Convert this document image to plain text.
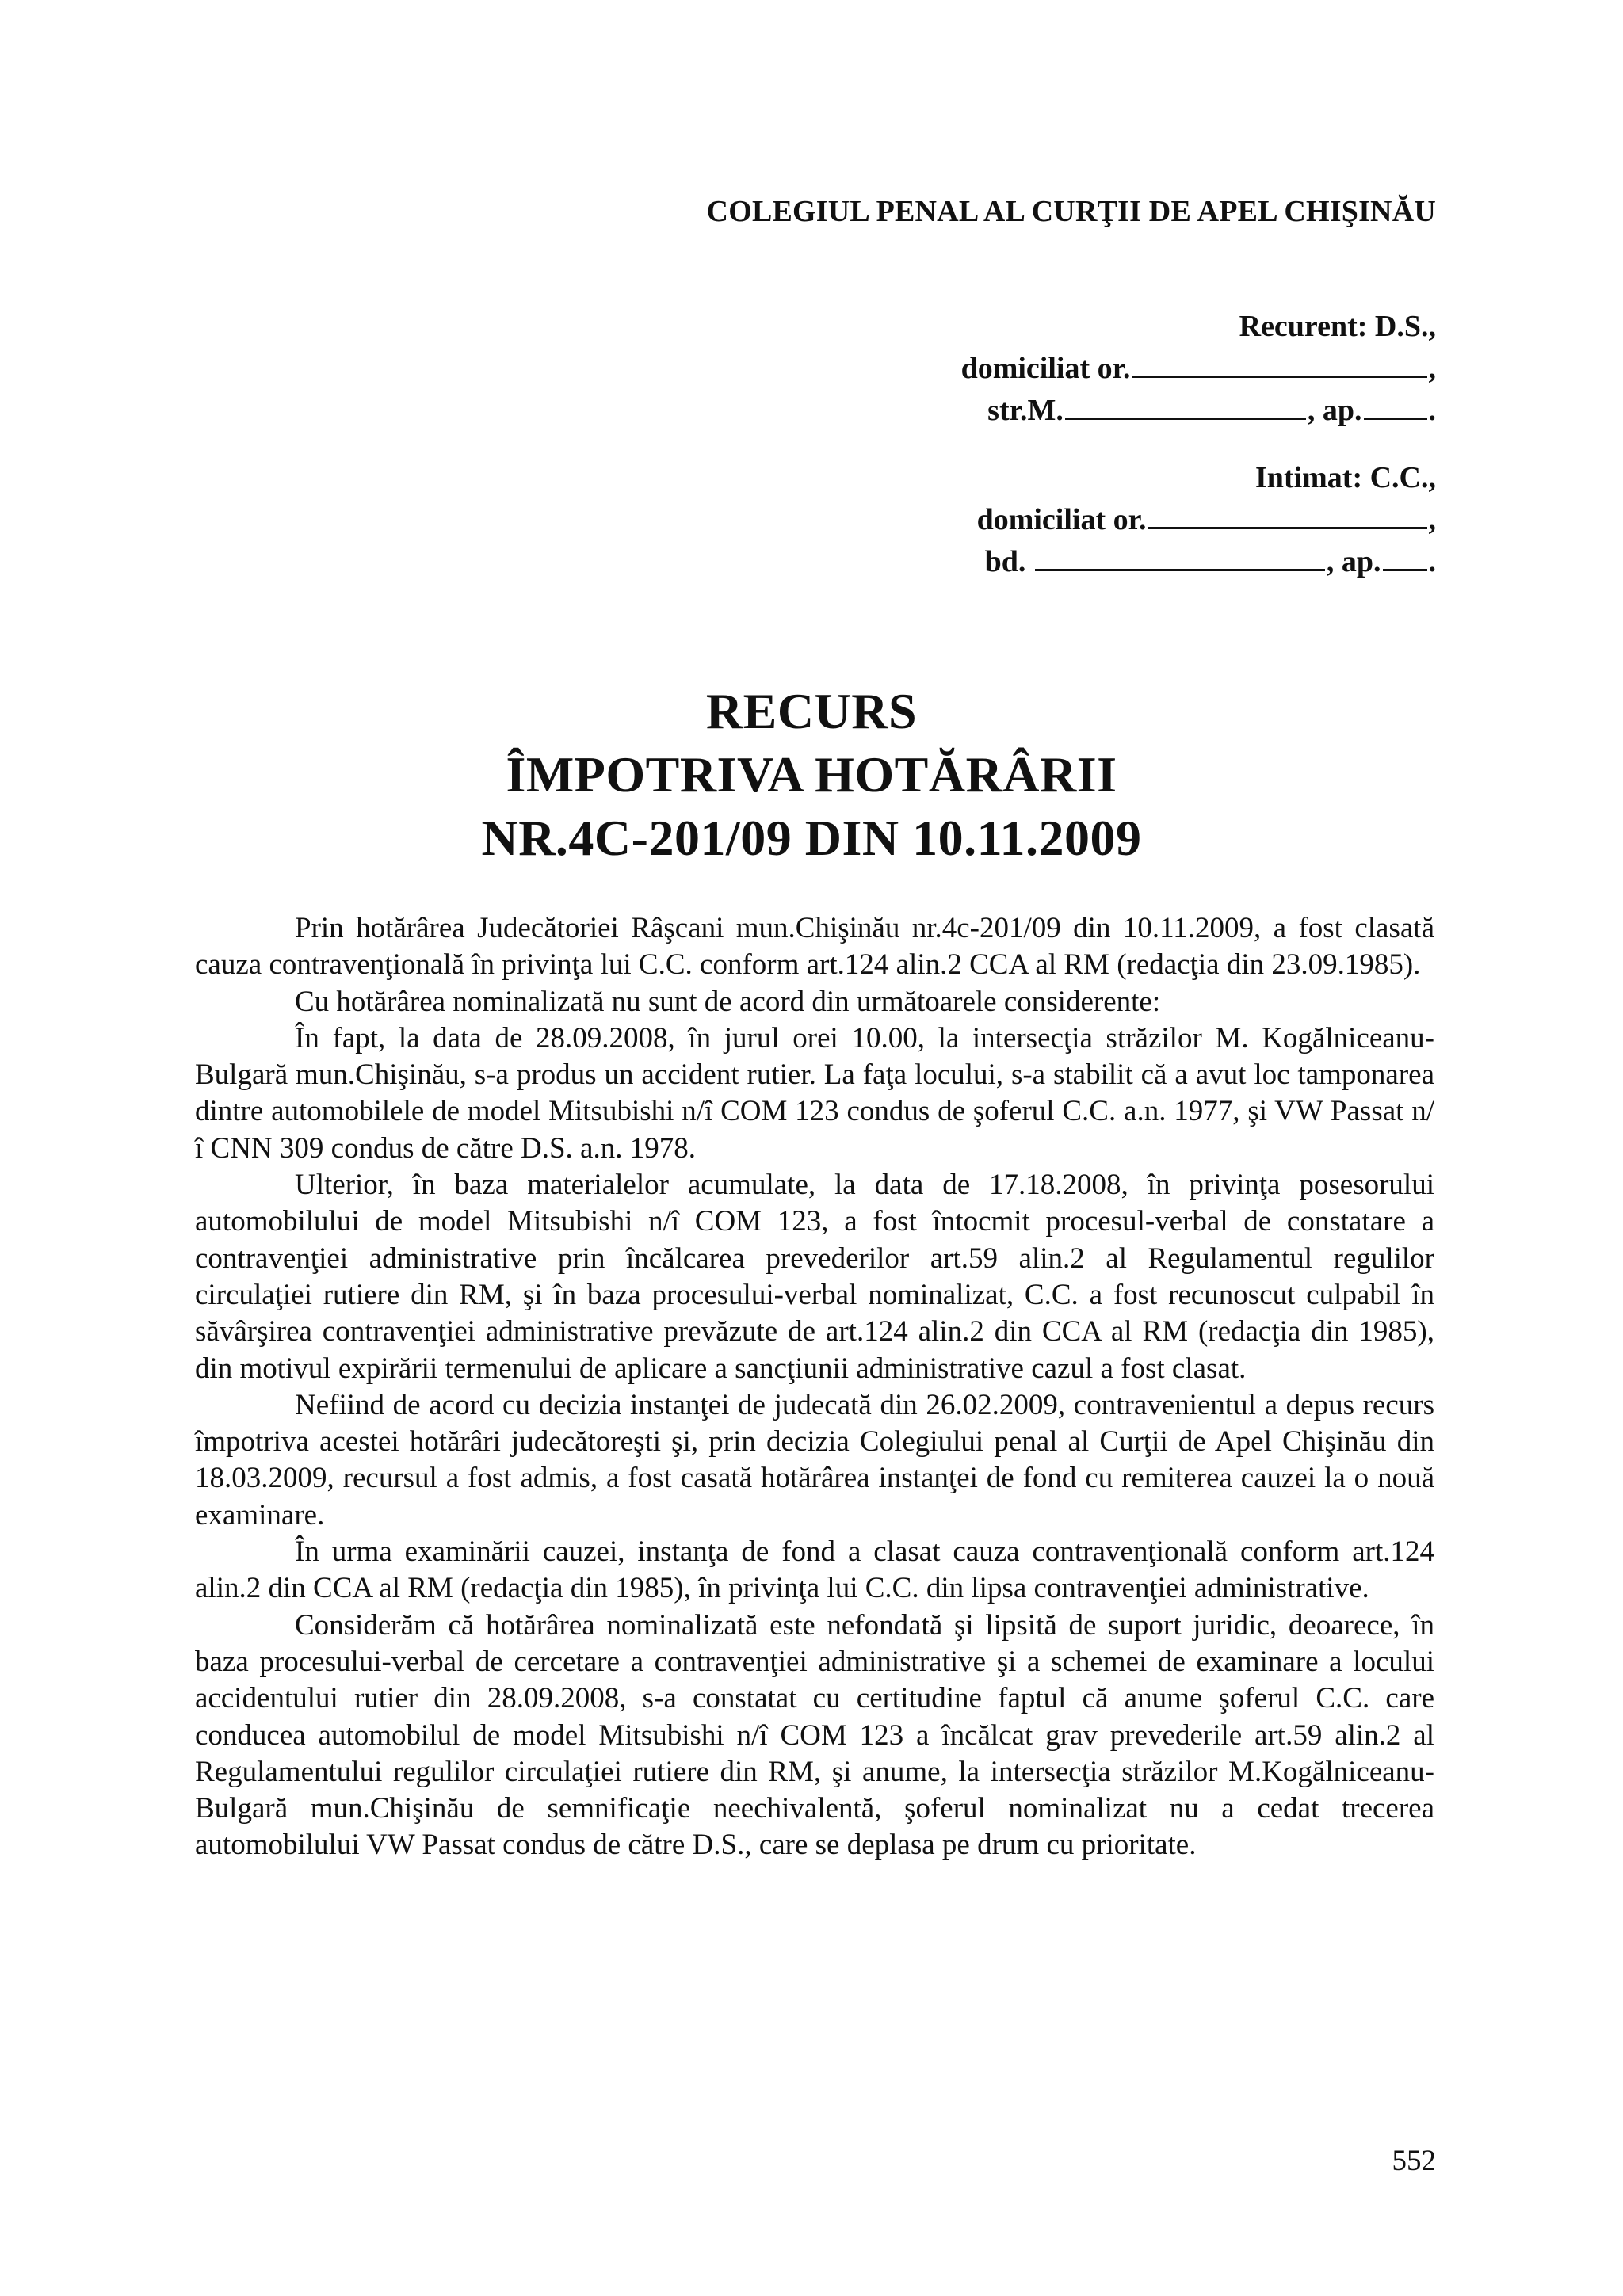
COLEGIUL PENAL AL CURŢII DE APEL CHIŞINĂU
Recurent: D.S.,
domiciliat or.	,
str.M.	, ap. .
Intimat: C.C.,
domiciliat or.	,
bd.	, ap. .
RECURS
ÎMPOTRIVA HOTĂRÂRII
NR.4C-201/09 DIN 10.11.2009

Prin hotărârea Judecătoriei Râşcani mun.Chişinău nr.4c-201/09 din 10.11.2009, a fost clasată cauza contravenţională în privinţa lui C.C. conform art.124 alin.2 CCA al RM (redacţia din 23.09.1985).

Cu hotărârea nominalizată nu sunt de acord din următoarele considerente:

În fapt, la data de 28.09.2008, în jurul orei 10.00, la intersecţia străzilor M. Kogălniceanu-Bulgară mun.Chişinău, s-a produs un accident rutier. La faţa locului, s-a stabilit că a avut loc tamponarea dintre automobilele de model Mitsubishi n/î COM 123 condus de şoferul C.C. a.n. 1977, şi VW Passat n/î CNN 309 condus de către D.S. a.n. 1978.

Ulterior, în baza materialelor acumulate, la data de 17.18.2008, în privinţa posesorului automobilului de model Mitsubishi n/î COM 123, a fost întocmit procesul-verbal de constatare a contravenţiei administrative prin încălcarea prevederilor art.59 alin.2 al Regulamentul regulilor circulaţiei rutiere din RM, şi în baza procesului-verbal nominalizat, C.C. a fost recunoscut culpabil în săvârşirea contravenţiei administrative prevăzute de art.124 alin.2 din CCA al RM (redacţia din 1985), din motivul expirării termenului de aplicare a sancţiunii administrative cazul a fost clasat.

Nefiind de acord cu decizia instanţei de judecată din 26.02.2009, contravenientul a depus recurs împotriva acestei hotărâri judecătoreşti şi, prin decizia Colegiului penal al Curţii de Apel Chişinău din 18.03.2009, recursul a fost admis, a fost casată hotărârea instanţei de fond cu remiterea cauzei la o nouă examinare.

În urma examinării cauzei, instanţa de fond a clasat cauza contravenţională conform art.124 alin.2 din CCA al RM (redacţia din 1985), în privinţa lui C.C. din lipsa contravenţiei administrative.

Considerăm că hotărârea nominalizată este nefondată şi lipsită de suport juridic, deoarece, în baza procesului-verbal de cercetare a contravenţiei administrative şi a schemei de examinare a locului accidentului rutier din 28.09.2008, s-a constatat cu certitudine faptul că anume şoferul C.C. care conducea automobilul de model Mitsubishi n/î COM 123 a încălcat grav prevederile art.59 alin.2 al Regulamentului regulilor circulaţiei rutiere din RM, şi anume, la intersecţia străzilor M.Kogălniceanu-Bulgară mun.Chişinău de semnificaţie neechivalentă, şoferul nominalizat nu a cedat trecerea automobilului VW Passat condus de către D.S., care se deplasa pe drum cu prioritate.

552
